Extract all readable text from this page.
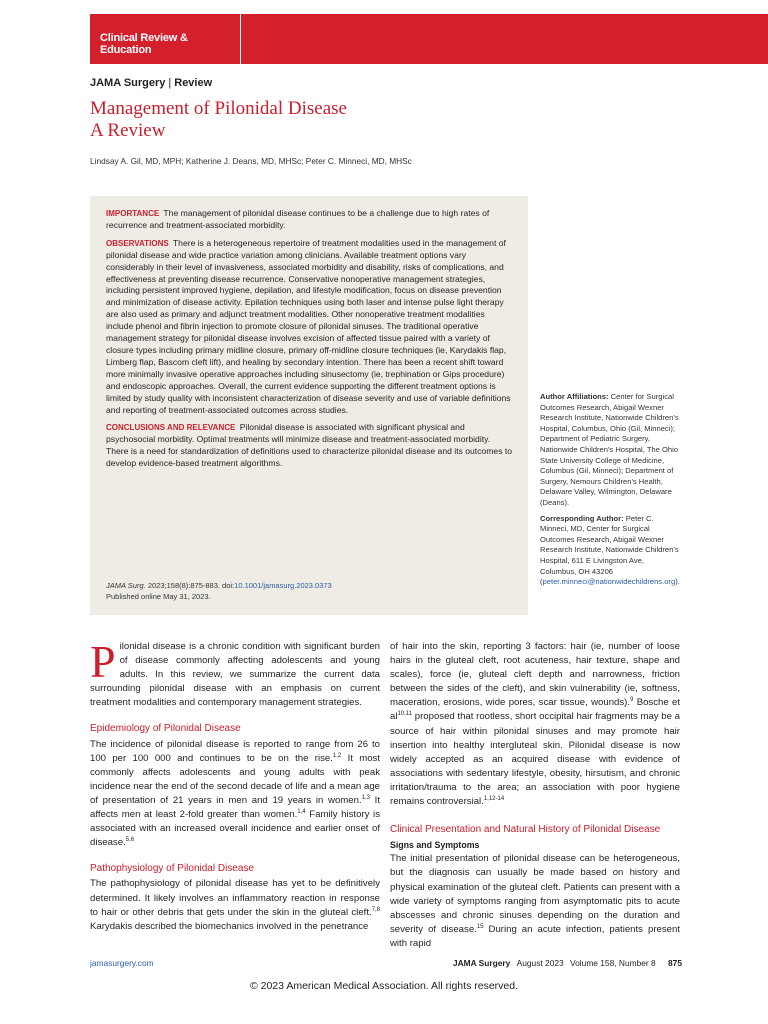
Clinical Review & Education
JAMA Surgery | Review
Management of Pilonidal Disease
A Review
Lindsay A. Gil, MD, MPH; Katherine J. Deans, MD, MHSc; Peter C. Minneci, MD, MHSc

IMPORTANCE The management of pilonidal disease continues to be a challenge due to high rates of recurrence and treatment-associated morbidity.

OBSERVATIONS There is a heterogeneous repertoire of treatment modalities used in the management of pilonidal disease and wide practice variation among clinicians. Available treatment options vary considerably in their level of invasiveness, associated morbidity and disability, risks of complications, and effectiveness at preventing disease recurrence. Conservative nonoperative management strategies, including persistent improved hygiene, depilation, and lifestyle modification, focus on disease prevention and minimization of disease activity. Epilation techniques using both laser and intense pulse light therapy are also used as primary and adjunct treatment modalities. Other nonoperative treatment modalities include phenol and fibrin injection to promote closure of pilonidal sinuses. The traditional operative management strategy for pilonidal disease involves excision of affected tissue paired with a variety of closure types including primary midline closure, primary off-midline closure techniques (ie, Karydakis flap, Limberg flap, Bascom cleft lift), and healing by secondary intention. There has been a recent shift toward more minimally invasive operative approaches including sinusectomy (ie, trephination or Gips procedure) and endoscopic approaches. Overall, the current evidence supporting the different treatment options is limited by study quality with inconsistent characterization of disease severity and use of variable definitions and reporting of treatment-associated outcomes across studies.

CONCLUSIONS AND RELEVANCE Pilonidal disease is associated with significant physical and psychosocial morbidity. Optimal treatments will minimize disease and treatment-associated morbidity. There is a need for standardization of definitions used to characterize pilonidal disease and its outcomes to develop evidence-based treatment algorithms.

JAMA Surg. 2023;158(8):875-883. doi:10.1001/jamasurg.2023.0373
Published online May 31, 2023.

Author Affiliations: Center for Surgical Outcomes Research, Abigail Wexner Research Institute, Nationwide Children's Hospital, Columbus, Ohio (Gil, Minneci); Department of Pediatric Surgery, Nationwide Children's Hospital, The Ohio State University College of Medicine, Columbus (Gil, Minneci); Department of Surgery, Nemours Children's Health, Delaware Valley, Wilmington, Delaware (Deans).

Corresponding Author: Peter C. Minneci, MD, Center for Surgical Outcomes Research, Abigail Wexner Research Institute, Nationwide Children's Hospital, 611 E Livingston Ave, Columbus, OH 43206 (peter.minneci@nationwidechildrens.org).

Pilonidal disease is a chronic condition with significant burden of disease commonly affecting adolescents and young adults. In this review, we summarize the current data surrounding pilonidal disease with an emphasis on current treatment modalities and contemporary management strategies.

Epidemiology of Pilonidal Disease

The incidence of pilonidal disease is reported to range from 26 to 100 per 100 000 and continues to be on the rise.$^{1,2}$ It most commonly affects adolescents and young adults with peak incidence near the end of the second decade of life and a mean age of presentation of 21 years in men and 19 years in women.$^{1,3}$ It affects men at least 2-fold greater than women.$^{1,4}$ Family history is associated with an increased overall incidence and earlier onset of disease.$^{5,6}$

Pathophysiology of Pilonidal Disease

The pathophysiology of pilonidal disease has yet to be definitively determined. It likely involves an inflammatory reaction in response to hair or other debris that gets under the skin in the gluteal cleft.$^{7,8}$ Karydakis described the biomechanics involved in the penetrance

of hair into the skin, reporting 3 factors: hair (ie, number of loose hairs in the gluteal cleft, root acuteness, hair texture, shape and scales), force (ie, gluteal cleft depth and narrowness, friction between the sides of the cleft), and skin vulnerability (ie, softness, maceration, erosions, wide pores, scar tissue, wounds).$^9$ Bosche et al$^{10,11}$ proposed that rootless, short occipital hair fragments may be a source of hair within pilonidal sinuses and may promote hair insertion into healthy intergluteal skin. Pilonidal disease is now widely accepted as an acquired disease with evidence of associations with sedentary lifestyle, obesity, hirsutism, and chronic irritation/trauma to the area; an association with poor hygiene remains controversial.$^{1,12-14}$

Clinical Presentation and Natural History of Pilonidal Disease
Signs and Symptoms

The initial presentation of pilonidal disease can be heterogeneous, but the diagnosis can usually be made based on history and physical examination of the gluteal cleft. Patients can present with a wide variety of symptoms ranging from asymptomatic pits to acute abscesses and chronic sinuses depending on the duration and severity of disease.$^{15}$ During an acute infection, patients present with rapid

jamasurgery.com	JAMA Surgery August 2023 Volume 158, Number 8 875
© 2023 American Medical Association. All rights reserved.
